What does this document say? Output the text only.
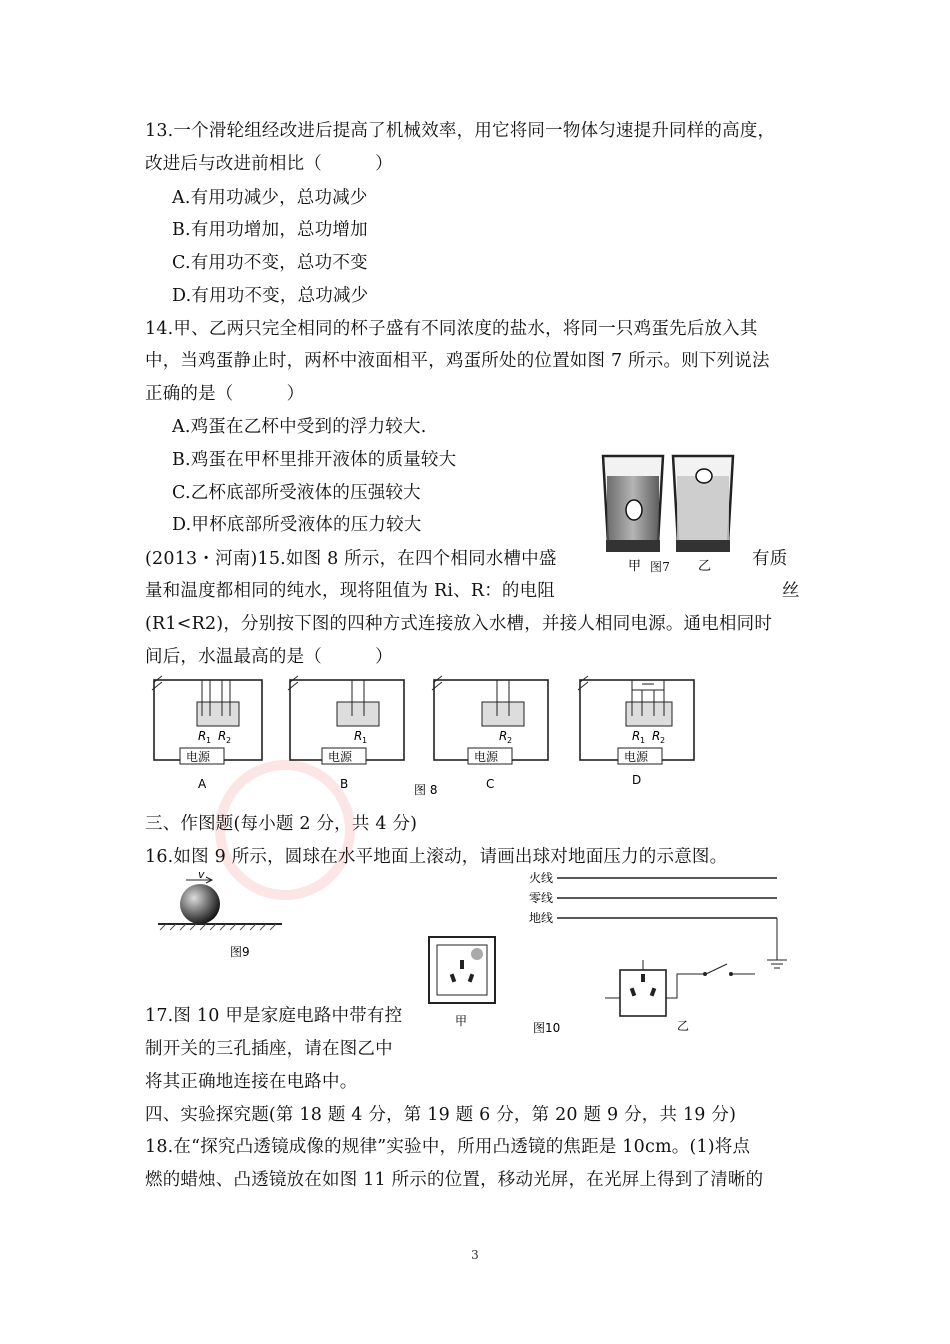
13.一个滑轮组经改进后提高了机械效率，用它将同一物体匀速提升同样的高度，
改进后与改进前相比（　　　）
A.有用功减少，总功减少
B.有用功增加，总功增加
C.有用功不变，总功不变
D.有用功不变，总功减少
14.甲、乙两只完全相同的杯子盛有不同浓度的盐水，将同一只鸡蛋先后放入其
中，当鸡蛋静止时，两杯中液面相平，鸡蛋所处的位置如图 7 所示。则下列说法
正确的是（　　　）
A.鸡蛋在乙杯中受到的浮力较大.
B.鸡蛋在甲杯里排开液体的质量较大
C.乙杯底部所受液体的压强较大
D.甲杯底部所受液体的压力较大
甲	乙
图7
(2013・河南)15.如图 8 所示，在四个相同水槽中盛	有质
量和温度都相同的纯水，现将阻值为 Ri、R：的电阻	丝
(R1<R2)，分别按下图的四种方式连接放入水槽，并接人相同电源。通电相同时
间后，水温最高的是（　　　）
电源
R 1 R 2
A
电源
R 1
B
电源
R 2
C
电源
R 1 R 2
D
图 8
三、作图题(每小题 2 分，共 4 分)
16.如图 9 所示，圆球在水平地面上滚动，请画出球对地面压力的示意图。
v
图9
甲
火线
零线
地线
乙
图10
17.图 10 甲是家庭电路中带有控
制开关的三孔插座，请在图乙中
将其正确地连接在电路中。
四、实验探究题(第 18 题 4 分，第 19 题 6 分，第 20 题 9 分，共 19 分)
18.在“探究凸透镜成像的规律”实验中，所用凸透镜的焦距是 10cm。(1)将点
燃的蜡烛、凸透镜放在如图 11 所示的位置，移动光屏，在光屏上得到了清晰的
3
